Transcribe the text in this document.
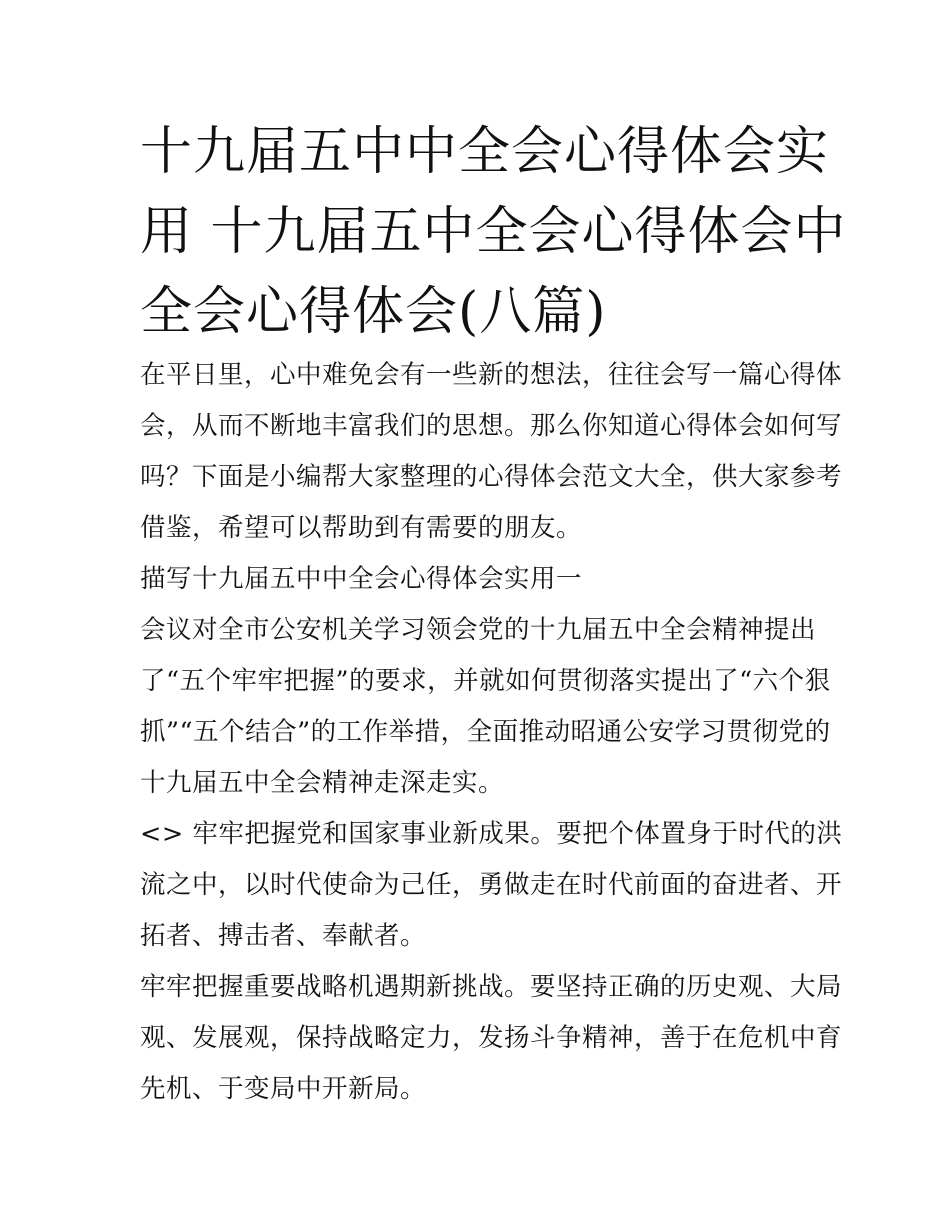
十九届五中中全会心得体会实
用 十九届五中全会心得体会中
全会心得体会(八篇)
在平日里，心中难免会有一些新的想法，往往会写一篇心得体
会，从而不断地丰富我们的思想。那么你知道心得体会如何写
吗？下面是小编帮大家整理的心得体会范文大全，供大家参考
借鉴，希望可以帮助到有需要的朋友。
描写十九届五中中全会心得体会实用一
会议对全市公安机关学习领会党的十九届五中全会精神提出
了“五个牢牢把握”的要求，并就如何贯彻落实提出了“六个狠
抓”“五个结合”的工作举措，全面推动昭通公安学习贯彻党的
十九届五中全会精神走深走实。
<> 牢牢把握党和国家事业新成果。要把个体置身于时代的洪
流之中，以时代使命为己任，勇做走在时代前面的奋进者、开
拓者、搏击者、奉献者。
牢牢把握重要战略机遇期新挑战。要坚持正确的历史观、大局
观、发展观，保持战略定力，发扬斗争精神，善于在危机中育
先机、于变局中开新局。
